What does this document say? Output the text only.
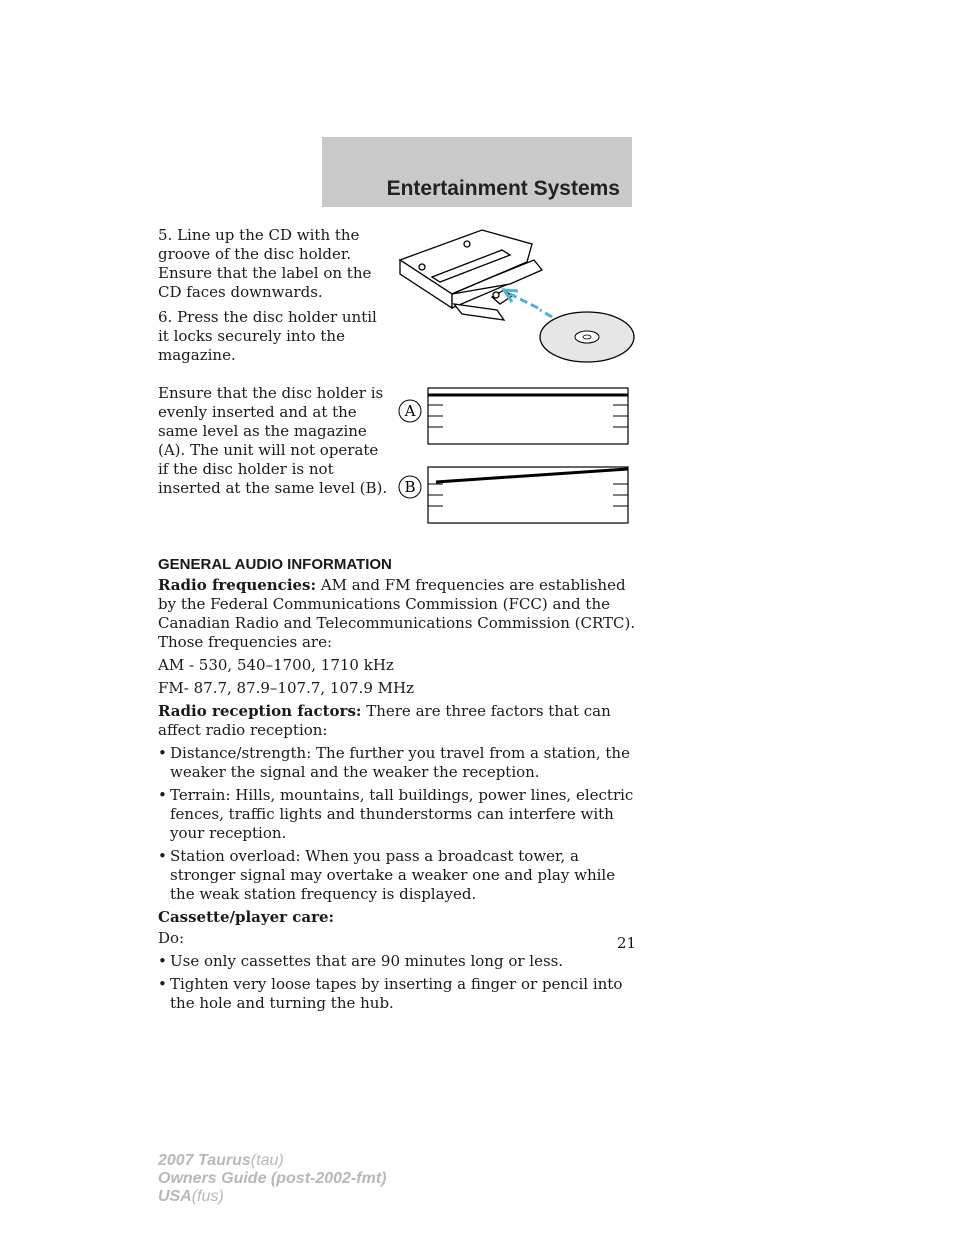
Entertainment Systems

5. Line up the CD with the groove of the disc holder. Ensure that the label on the CD faces downwards.

6. Press the disc holder until it locks securely into the magazine.

Ensure that the disc holder is evenly inserted and at the same level as the magazine (A). The unit will not operate if the disc holder is not inserted at the same level (B).

A
B
GENERAL AUDIO INFORMATION

Radio frequencies: AM and FM frequencies are established by the Federal Communications Commission (FCC) and the Canadian Radio and Telecommunications Commission (CRTC). Those frequencies are:

AM - 530, 540–1700, 1710 kHz

FM- 87.7, 87.9–107.7, 107.9 MHz

Radio reception factors: There are three factors that can affect radio reception:

• Distance/strength: The further you travel from a station, the weaker the signal and the weaker the reception.
• Terrain: Hills, mountains, tall buildings, power lines, electric fences, traffic lights and thunderstorms can interfere with your reception.
• Station overload: When you pass a broadcast tower, a stronger signal may overtake a weaker one and play while the weak station frequency is displayed.

Cassette/player care:

Do:

• Use only cassettes that are 90 minutes long or less.
• Tighten very loose tapes by inserting a finger or pencil into the hole and turning the hub.
21
2007 Taurus(tau)
Owners Guide (post-2002-fmt)
USA(fus)
